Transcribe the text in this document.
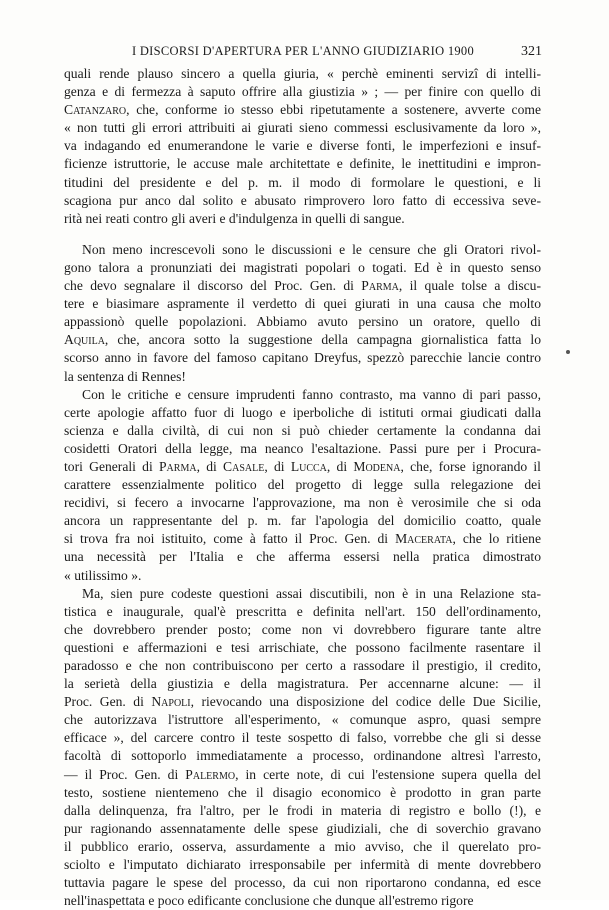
I DISCORSI D'APERTURA PER L'ANNO GIUDIZIARIO 1900	321
quali rende plauso sincero a quella giuria, « perchè eminenti servizî di intelli-
genza e di fermezza à saputo offrire alla giustizia » ; — per finire con quello di
Catanzaro, che, conforme io stesso ebbi ripetutamente a sostenere, avverte come
« non tutti gli errori attribuiti ai giurati sieno commessi esclusivamente da loro »,
va indagando ed enumerandone le varie e diverse fonti, le imperfezioni e insuf-
ficienze istruttorie, le accuse male architettate e definite, le inettitudini e impron-
titudini del presidente e del p. m. il modo di formolare le questioni, e li
scagiona pur anco dal solito e abusato rimprovero loro fatto di eccessiva seve-
rità nei reati contro gli averi e d'indulgenza in quelli di sangue.
Non meno increscevoli sono le discussioni e le censure che gli Oratori rivol-
gono talora a pronunziati dei magistrati popolari o togati. Ed è in questo senso
che devo segnalare il discorso del Proc. Gen. di Parma, il quale tolse a discu-
tere e biasimare aspramente il verdetto di quei giurati in una causa che molto
appassionò quelle popolazioni. Abbiamo avuto persino un oratore, quello di
Aquila, che, ancora sotto la suggestione della campagna giornalistica fatta lo
scorso anno in favore del famoso capitano Dreyfus, spezzò parecchie lancie contro
la sentenza di Rennes!
Con le critiche e censure imprudenti fanno contrasto, ma vanno di pari passo,
certe apologie affatto fuor di luogo e iperboliche di istituti ormai giudicati dalla
scienza e dalla civiltà, di cui non si può chieder certamente la condanna dai
cosidetti Oratori della legge, ma neanco l'esaltazione. Passi pure per i Procura-
tori Generali di Parma, di Casale, di Lucca, di Modena, che, forse ignorando il
carattere essenzialmente politico del progetto di legge sulla relegazione dei
recidivi, si fecero a invocarne l'approvazione, ma non è verosimile che si oda
ancora un rappresentante del p. m. far l'apologia del domicilio coatto, quale
si trova fra noi istituito, come à fatto il Proc. Gen. di Macerata, che lo ritiene
una necessità per l'Italia e che afferma essersi nella pratica dimostrato
« utilissimo ».
Ma, sien pure codeste questioni assai discutibili, non è in una Relazione sta-
tistica e inaugurale, qual'è prescritta e definita nell'art. 150 dell'ordinamento,
che dovrebbero prender posto; come non vi dovrebbero figurare tante altre
questioni e affermazioni e tesi arrischiate, che possono facilmente rasentare il
paradosso e che non contribuiscono per certo a rassodare il prestigio, il credito,
la serietà della giustizia e della magistratura. Per accennarne alcune: — il
Proc. Gen. di Napoli, rievocando una disposizione del codice delle Due Sicilie,
che autorizzava l'istruttore all'esperimento, « comunque aspro, quasi sempre
efficace », del carcere contro il teste sospetto di falso, vorrebbe che gli si desse
facoltà di sottoporlo immediatamente a processo, ordinandone altresì l'arresto,
— il Proc. Gen. di Palermo, in certe note, di cui l'estensione supera quella del
testo, sostiene nientemeno che il disagio economico è prodotto in gran parte
dalla delinquenza, fra l'altro, per le frodi in materia di registro e bollo (!), e
pur ragionando assennatamente delle spese giudiziali, che di soverchio gravano
il pubblico erario, osserva, assurdamente a mio avviso, che il querelato pro-
sciolto e l'imputato dichiarato irresponsabile per infermità di mente dovrebbero
tuttavia pagare le spese del processo, da cui non riportarono condanna, ed esce
nell'inaspettata e poco edificante conclusione che dunque all'estremo rigore
